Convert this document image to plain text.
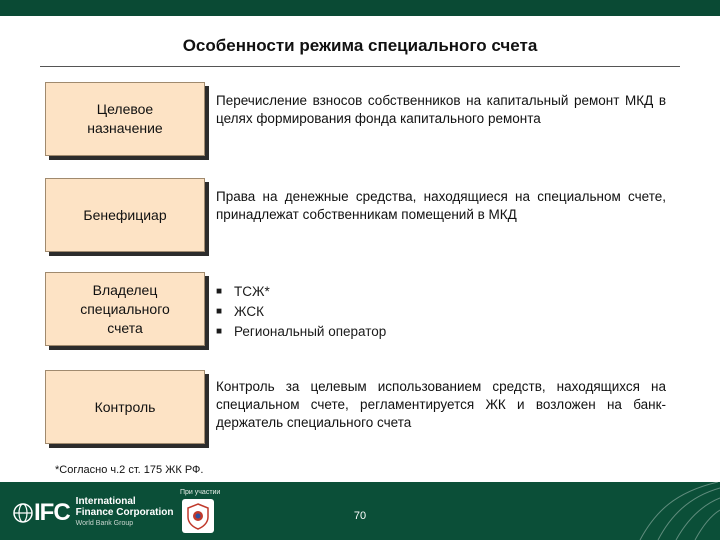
Особенности режима специального счета
Целевое
назначение
Перечисление взносов собственников на капитальный ремонт МКД в целях формирования фонда капитального ремонта
Бенефициар
Права на денежные средства, находящиеся на специальном счете, принадлежат собственникам помещений в МКД
Владелец
специального
счета
■ ТСЖ*
■ ЖСК
■ Региональный оператор
Контроль
Контроль за целевым использованием средств, находящихся на специальном счете, регламентируется ЖК и возложен на банк-держатель специального счета
*Согласно ч.2 ст. 175 ЖК РФ.
IFC International
Finance Corporation
World Bank Group
При участии
70
